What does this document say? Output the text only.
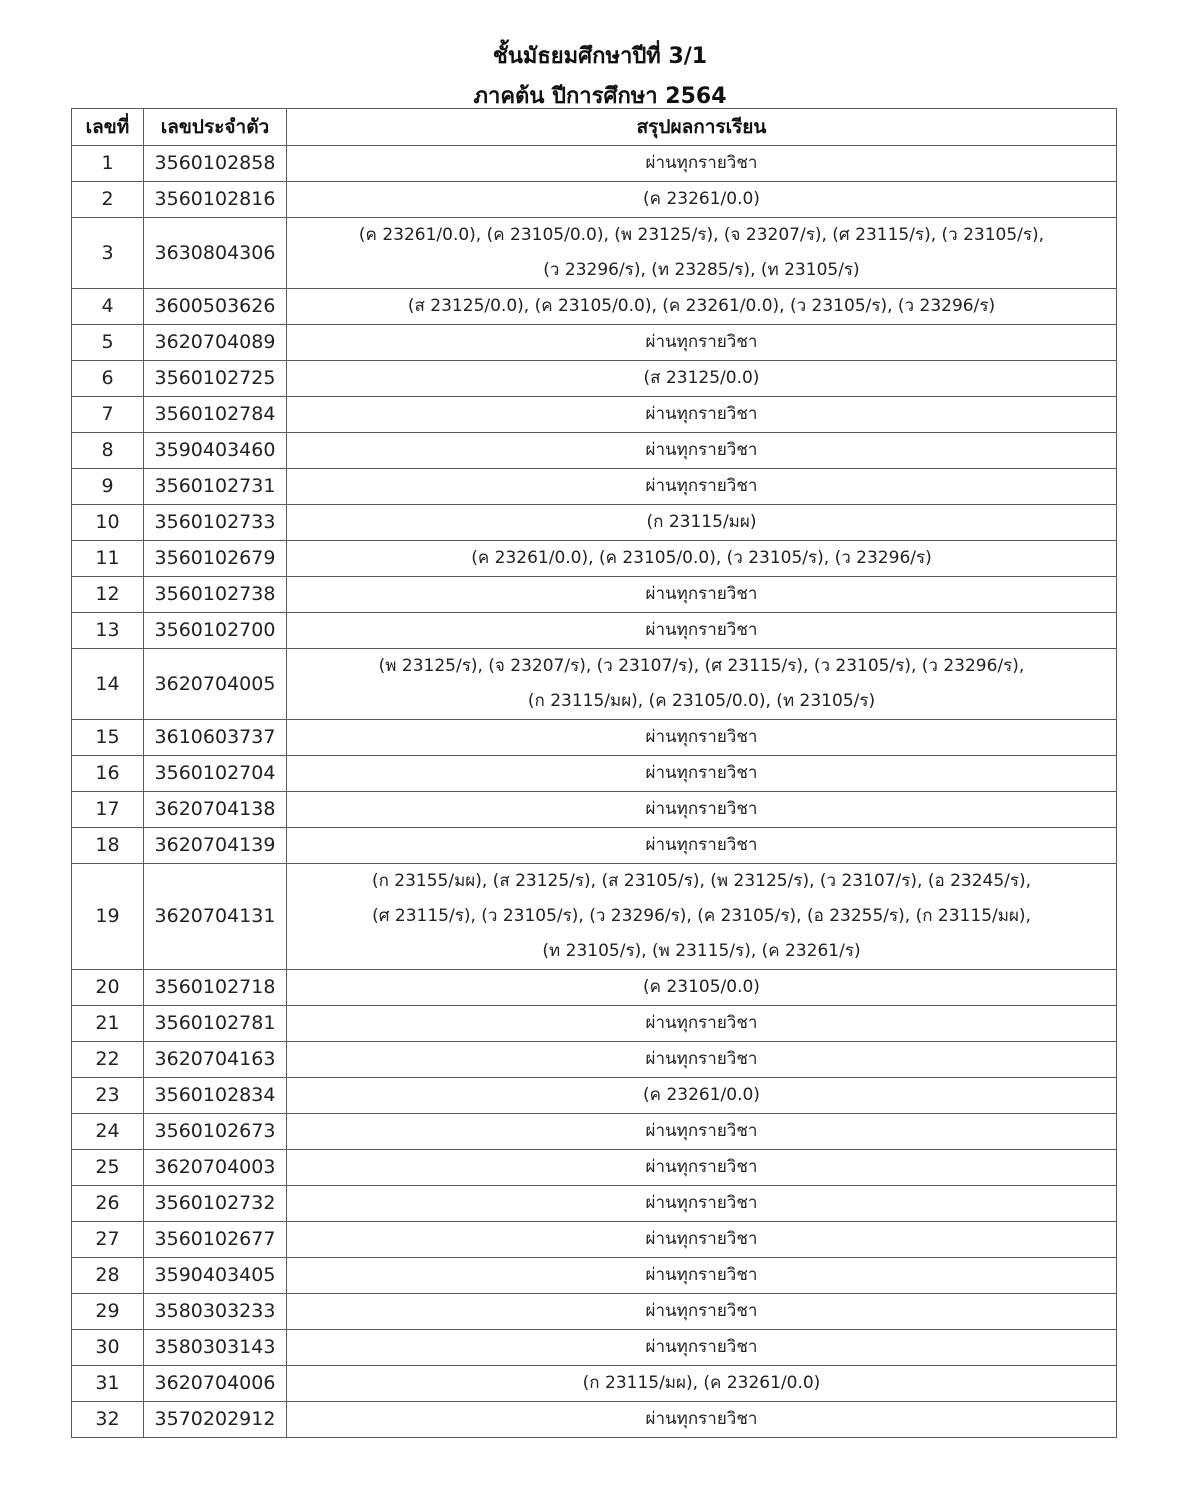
ชั้นมัธยมศึกษาปีที่ 3/1
ภาคต้น ปีการศึกษา 2564
เลขที่	เลขประจำตัว	สรุปผลการเรียน
1	3560102858	ผ่านทุกรายวิชา

2	3560102816	(ค 23261/0.0)

3	3630804306	(ค 23261/0.0), (ค 23105/0.0), (พ 23125/ร), (จ 23207/ร), (ศ 23115/ร), (ว 23105/ร),
(ว 23296/ร), (ท 23285/ร), (ท 23105/ร)

4	3600503626	(ส 23125/0.0), (ค 23105/0.0), (ค 23261/0.0), (ว 23105/ร), (ว 23296/ร)

5	3620704089	ผ่านทุกรายวิชา

6	3560102725	(ส 23125/0.0)

7	3560102784	ผ่านทุกรายวิชา

8	3590403460	ผ่านทุกรายวิชา

9	3560102731	ผ่านทุกรายวิชา

10	3560102733	(ก 23115/มผ)

11	3560102679	(ค 23261/0.0), (ค 23105/0.0), (ว 23105/ร), (ว 23296/ร)

12	3560102738	ผ่านทุกรายวิชา

13	3560102700	ผ่านทุกรายวิชา

14	3620704005	(พ 23125/ร), (จ 23207/ร), (ว 23107/ร), (ศ 23115/ร), (ว 23105/ร), (ว 23296/ร),
(ก 23115/มผ), (ค 23105/0.0), (ท 23105/ร)

15	3610603737	ผ่านทุกรายวิชา

16	3560102704	ผ่านทุกรายวิชา

17	3620704138	ผ่านทุกรายวิชา

18	3620704139	ผ่านทุกรายวิชา

19	3620704131	(ก 23155/มผ), (ส 23125/ร), (ส 23105/ร), (พ 23125/ร), (ว 23107/ร), (อ 23245/ร),
(ศ 23115/ร), (ว 23105/ร), (ว 23296/ร), (ค 23105/ร), (อ 23255/ร), (ก 23115/มผ),
(ท 23105/ร), (พ 23115/ร), (ค 23261/ร)

20	3560102718	(ค 23105/0.0)

21	3560102781	ผ่านทุกรายวิชา

22	3620704163	ผ่านทุกรายวิชา

23	3560102834	(ค 23261/0.0)

24	3560102673	ผ่านทุกรายวิชา

25	3620704003	ผ่านทุกรายวิชา

26	3560102732	ผ่านทุกรายวิชา

27	3560102677	ผ่านทุกรายวิชา

28	3590403405	ผ่านทุกรายวิชา

29	3580303233	ผ่านทุกรายวิชา

30	3580303143	ผ่านทุกรายวิชา

31	3620704006	(ก 23115/มผ), (ค 23261/0.0)

32	3570202912	ผ่านทุกรายวิชา
